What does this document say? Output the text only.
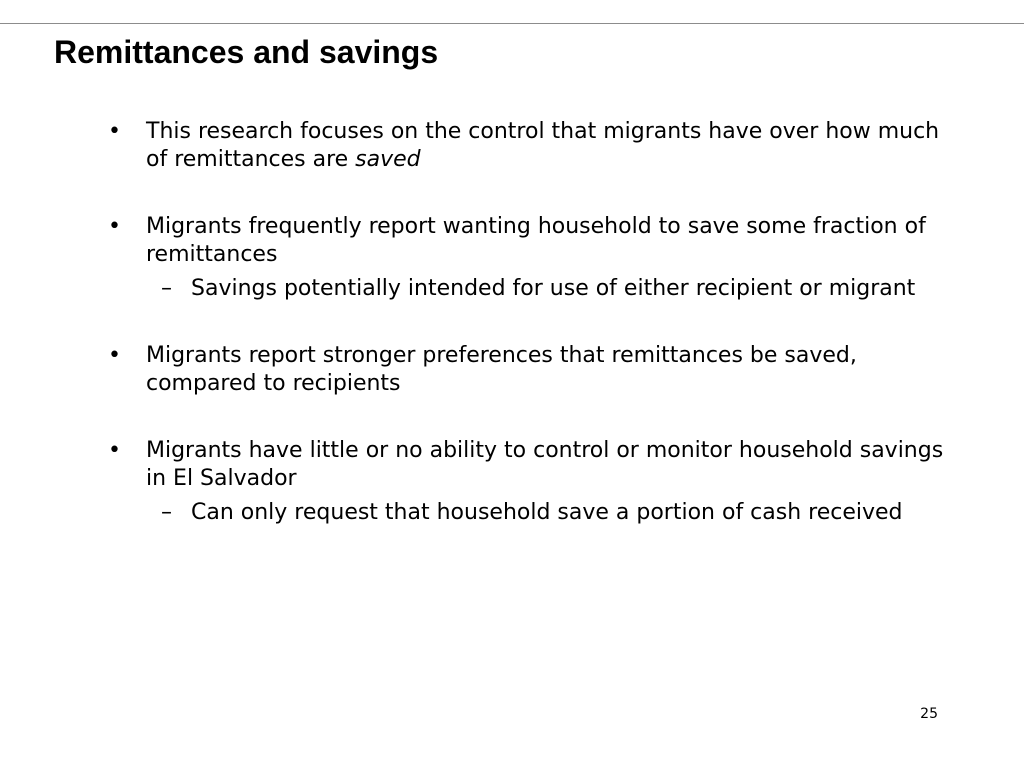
Remittances and savings
•	This research focuses on the control that migrants have over how much of remittances are saved
•	Migrants frequently report wanting household to save some fraction of remittances
– Savings potentially intended for use of either recipient or migrant
•	Migrants report stronger preferences that remittances be saved, compared to recipients
•	Migrants have little or no ability to control or monitor household savings in El Salvador
– Can only request that household save a portion of cash received
25
